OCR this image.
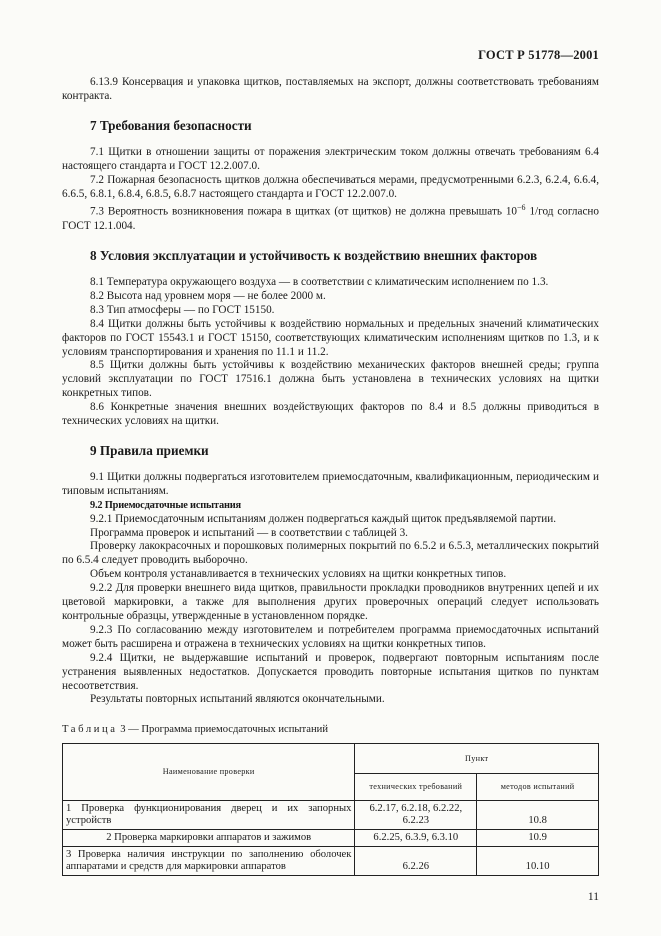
ГОСТ Р 51778—2001

6.13.9 Консервация и упаковка щитков, поставляемых на экспорт, должны соответствовать требованиям контракта.

7 Требования безопасности

7.1 Щитки в отношении защиты от поражения электрическим током должны отвечать требованиям 6.4 настоящего стандарта и ГОСТ 12.2.007.0.

7.2 Пожарная безопасность щитков должна обеспечиваться мерами, предусмотренными 6.2.3, 6.2.4, 6.6.4, 6.6.5, 6.8.1, 6.8.4, 6.8.5, 6.8.7 настоящего стандарта и ГОСТ 12.2.007.0.

7.3 Вероятность возникновения пожара в щитках (от щитков) не должна превышать $10^{-6}$ 1/год согласно ГОСТ 12.1.004.

8 Условия эксплуатации и устойчивость к воздействию внешних факторов

8.1 Температура окружающего воздуха — в соответствии с климатическим исполнением по 1.3.

8.2 Высота над уровнем моря — не более 2000 м.

8.3 Тип атмосферы — по ГОСТ 15150.

8.4 Щитки должны быть устойчивы к воздействию нормальных и предельных значений климатических факторов по ГОСТ 15543.1 и ГОСТ 15150, соответствующих климатическим исполнениям щитков по 1.3, и к условиям транспортирования и хранения по 11.1 и 11.2.

8.5 Щитки должны быть устойчивы к воздействию механических факторов внешней среды; группа условий эксплуатации по ГОСТ 17516.1 должна быть установлена в технических условиях на щитки конкретных типов.

8.6 Конкретные значения внешних воздействующих факторов по 8.4 и 8.5 должны приводиться в технических условиях на щитки.

9 Правила приемки

9.1 Щитки должны подвергаться изготовителем приемосдаточным, квалификационным, периодическим и типовым испытаниям.

9.2 Приемосдаточные испытания

9.2.1 Приемосдаточным испытаниям должен подвергаться каждый щиток предъявляемой партии.

Программа проверок и испытаний — в соответствии с таблицей 3.

Проверку лакокрасочных и порошковых полимерных покрытий по 6.5.2 и 6.5.3, металлических покрытий по 6.5.4 следует проводить выборочно.

Объем контроля устанавливается в технических условиях на щитки конкретных типов.

9.2.2 Для проверки внешнего вида щитков, правильности прокладки проводников внутренних цепей и их цветовой маркировки, а также для выполнения других проверочных операций следует использовать контрольные образцы, утвержденные в установленном порядке.

9.2.3 По согласованию между изготовителем и потребителем программа приемосдаточных испытаний может быть расширена и отражена в технических условиях на щитки конкретных типов.

9.2.4 Щитки, не выдержавшие испытаний и проверок, подвергают повторным испытаниям после устранения выявленных недостатков. Допускается проводить повторные испытания щитков по пунктам несоответствия.

Результаты повторных испытаний являются окончательными.

Таблица 3 — Программа приемосдаточных испытаний

Наименование проверки	Пункт	
	технических требований	методов испытаний
1 Проверка функционирования дверец и их запорных устройств	6.2.17, 6.2.18, 6.2.22, 6.2.23	10.8
2 Проверка маркировки аппаратов и зажимов	6.2.25, 6.3.9, 6.3.10	10.9
3 Проверка наличия инструкции по заполнению оболочек аппаратами и средств для маркировки аппаратов	6.2.26	10.10
11
